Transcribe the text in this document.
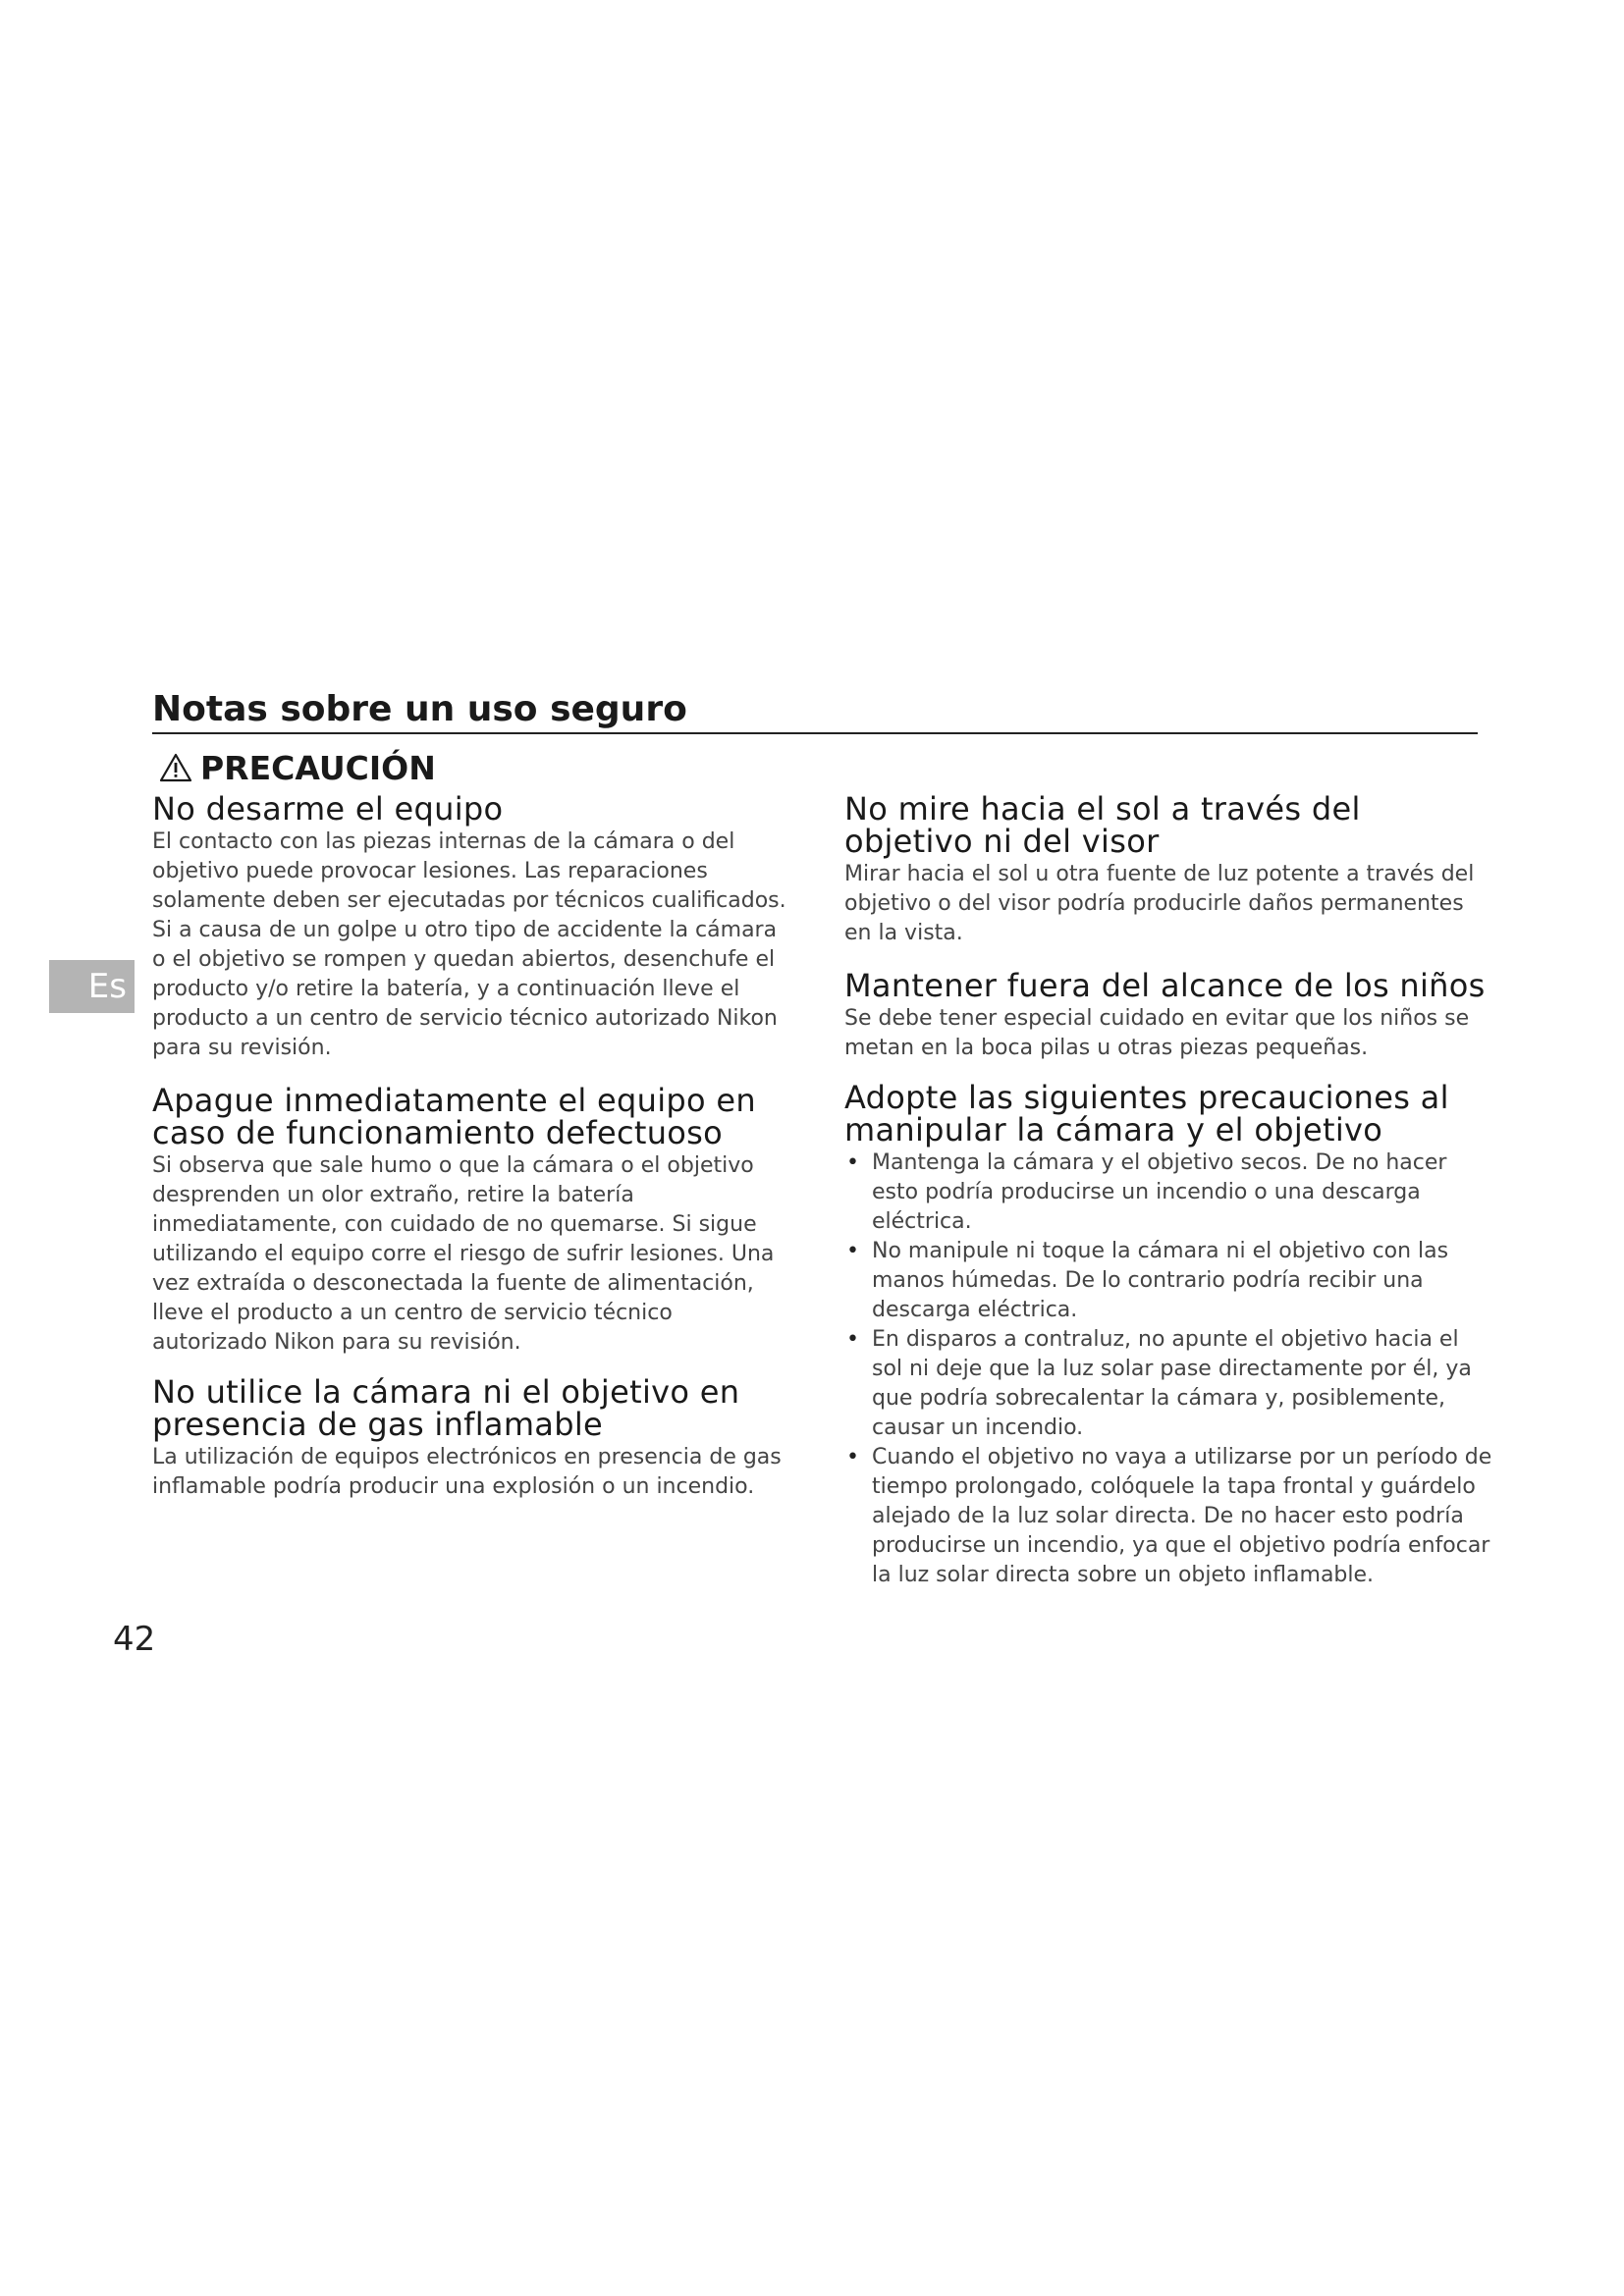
Notas sobre un uso seguro
PRECAUCIÓN
Es
No desarme el equipo

El contacto con las piezas internas de la cámara o del objetivo puede provocar lesiones. Las reparaciones solamente deben ser ejecutadas por técnicos cualificados. Si a causa de un golpe u otro tipo de accidente la cámara o el objetivo se rompen y quedan abiertos, desenchufe el producto y/o retire la batería, y a continuación lleve el producto a un centro de servicio técnico autorizado Nikon para su revisión.

Apague inmediatamente el equipo en caso de funcionamiento defectuoso

Si observa que sale humo o que la cámara o el objetivo desprenden un olor extraño, retire la batería inmediatamente, con cuidado de no quemarse. Si sigue utilizando el equipo corre el riesgo de sufrir lesiones. Una vez extraída o desconectada la fuente de alimentación, lleve el producto a un centro de servicio técnico autorizado Nikon para su revisión.

No utilice la cámara ni el objetivo en presencia de gas inflamable

La utilización de equipos electrónicos en presencia de gas inflamable podría producir una explosión o un incendio.

No mire hacia el sol a través del objetivo ni del visor

Mirar hacia el sol u otra fuente de luz potente a través del objetivo o del visor podría producirle daños permanentes en la vista.

Mantener fuera del alcance de los niños

Se debe tener especial cuidado en evitar que los niños se metan en la boca pilas u otras piezas pequeñas.

Adopte las siguientes precauciones al manipular la cámara y el objetivo
• Mantenga la cámara y el objetivo secos. De no hacer esto podría producirse un incendio o una descarga eléctrica.
• No manipule ni toque la cámara ni el objetivo con las manos húmedas. De lo contrario podría recibir una descarga eléctrica.
• En disparos a contraluz, no apunte el objetivo hacia el sol ni deje que la luz solar pase directamente por él, ya que podría sobrecalentar la cámara y, posiblemente, causar un incendio.
• Cuando el objetivo no vaya a utilizarse por un período de tiempo prolongado, colóquele la tapa frontal y guárdelo alejado de la luz solar directa. De no hacer esto podría producirse un incendio, ya que el objetivo podría enfocar la luz solar directa sobre un objeto inflamable.
42
